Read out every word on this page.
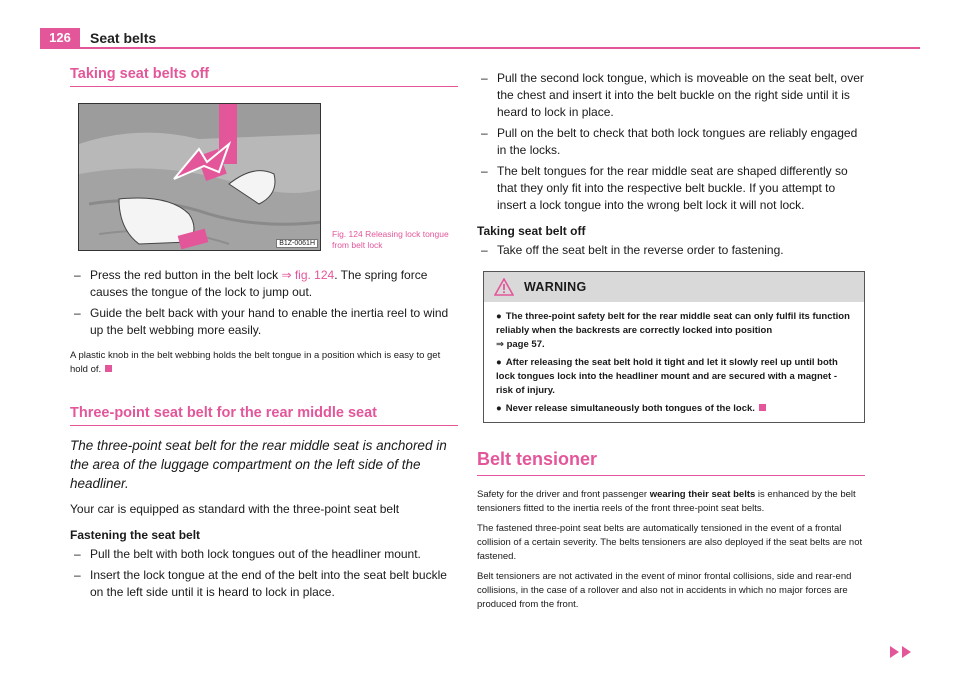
126	Seat belts
Taking seat belts off
B1Z-0061H
Fig. 124 Releasing lock tongue from belt lock
– Press the red button in the belt lock ⇒ fig. 124. The spring force causes the tongue of the lock to jump out.
– Guide the belt back with your hand to enable the inertia reel to wind up the belt webbing more easily.
A plastic knob in the belt webbing holds the belt tongue in a position which is easy to get hold of.
Three-point seat belt for the rear middle seat
The three-point seat belt for the rear middle seat is anchored in the area of the luggage compartment on the left side of the headliner.
Your car is equipped as standard with the three-point seat belt
Fastening the seat belt
– Pull the belt with both lock tongues out of the headliner mount.
– Insert the lock tongue at the end of the belt into the seat belt buckle on the left side until it is heard to lock in place.
– Pull the second lock tongue, which is moveable on the seat belt, over the chest and insert it into the belt buckle on the right side until it is heard to lock in place.
– Pull on the belt to check that both lock tongues are reliably engaged in the locks.
– The belt tongues for the rear middle seat are shaped differently so that they only fit into the respective belt buckle. If you attempt to insert a lock tongue into the wrong belt lock it will not lock.
Taking seat belt off
– Take off the seat belt in the reverse order to fastening.
WARNING
● The three-point safety belt for the rear middle seat can only fulfil its function reliably when the backrests are correctly locked into position
⇒ page 57.
● After releasing the seat belt hold it tight and let it slowly reel up until both lock tongues lock into the headliner mount and are secured with a magnet - risk of injury.
● Never release simultaneously both tongues of the lock.
Belt tensioner
Safety for the driver and front passenger wearing their seat belts is enhanced by the belt tensioners fitted to the inertia reels of the front three-point seat belts.
The fastened three-point seat belts are automatically tensioned in the event of a frontal collision of a certain severity. The belts tensioners are also deployed if the seat belts are not fastened.
Belt tensioners are not activated in the event of minor frontal collisions, side and rear-end collisions, in the case of a rollover and also not in accidents in which no major forces are produced from the front.
